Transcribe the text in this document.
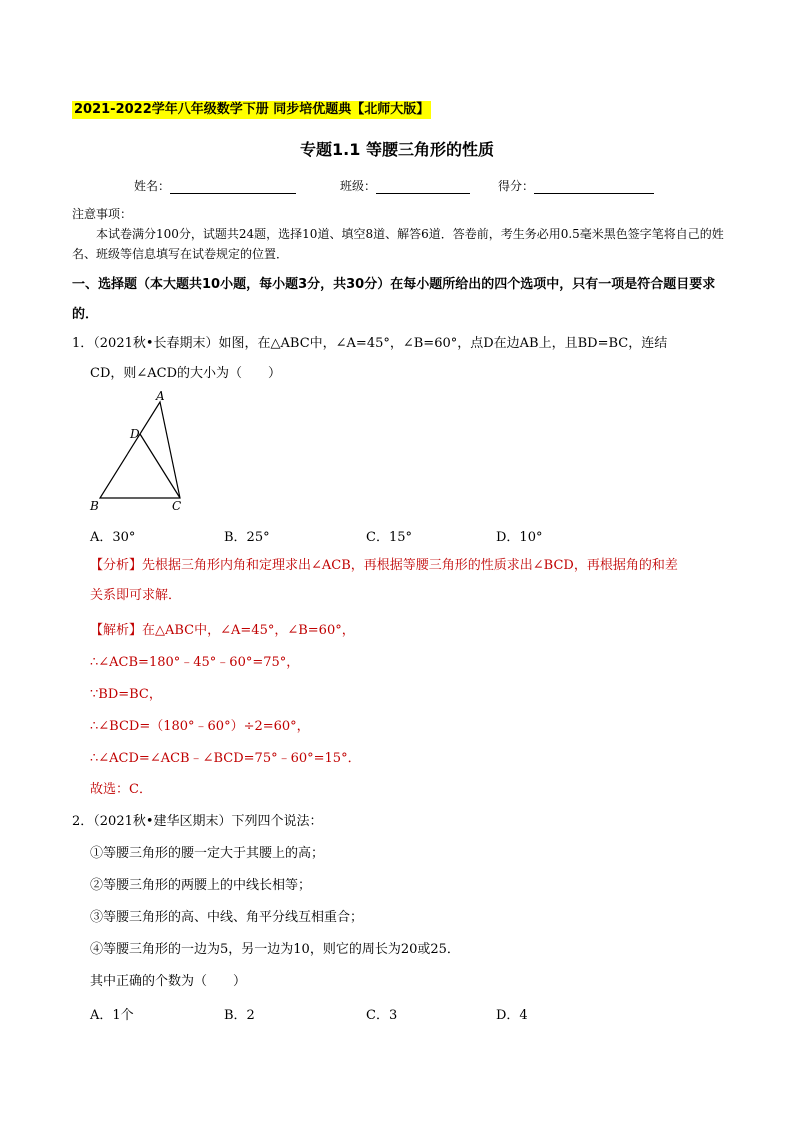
2021-2022学年八年级数学下册 同步培优题典【北师大版】
专题1.1 等腰三角形的性质
姓名：	班级：	得分：
注意事项：
本试卷满分100分，试题共24题，选择10道、填空8道、解答6道．答卷前，考生务必用0.5毫米黑色签字笔将自己的姓名、班级等信息填写在试卷规定的位置．
一、选择题（本大题共10小题，每小题3分，共30分）在每小题所给出的四个选项中，只有一项是符合题目要求的．
1．（2021秋•长春期末）如图，在△ABC中，∠A=45°，∠B=60°，点D在边AB上，且BD=BC，连结
CD，则∠ACD的大小为（　　）
A
D
B	C
A．30°	B．25°	C．15°	D．10°
【分析】先根据三角形内角和定理求出∠ACB，再根据等腰三角形的性质求出∠BCD，再根据角的和差
关系即可求解．
【解析】在△ABC中，∠A=45°，∠B=60°，
∴∠ACB=180°﹣45°﹣60°=75°，
∵BD=BC，
∴∠BCD=（180°﹣60°）÷2=60°，
∴∠ACD=∠ACB﹣∠BCD=75°﹣60°=15°．
故选：C．
2．（2021秋•建华区期末）下列四个说法：
①等腰三角形的腰一定大于其腰上的高；
②等腰三角形的两腰上的中线长相等；
③等腰三角形的高、中线、角平分线互相重合；
④等腰三角形的一边为5，另一边为10，则它的周长为20或25．
其中正确的个数为（　　）
A．1个	B．2	C．3	D．4
